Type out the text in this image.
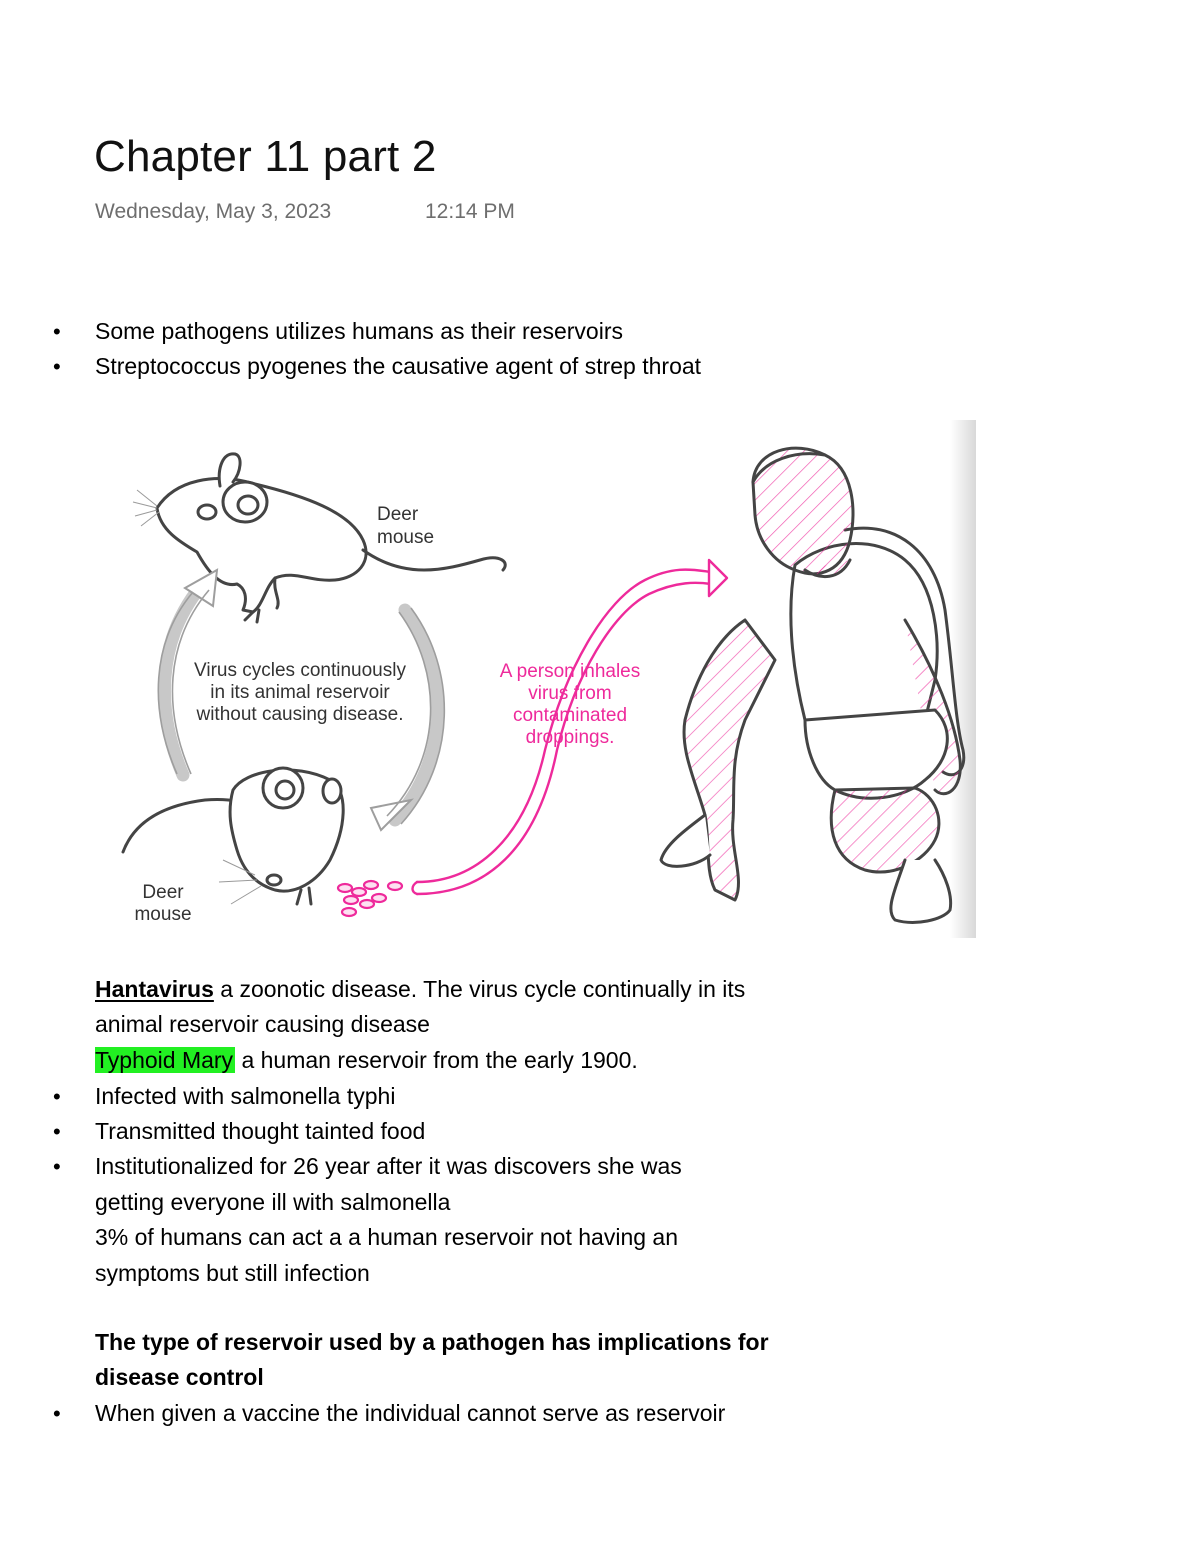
Chapter 11 part 2
Wednesday, May 3, 2023	12:14 PM
• Some pathogens utilizes humans as their reservoirs
• Streptococcus pyogenes the causative agent of strep throat
Deer
mouse
Virus cycles continuously
in its animal reservoir
without causing disease.
Deer
mouse
A person inhales
virus from
contaminated
droppings.
Hantavirus a zoonotic disease. The virus cycle continually in its
animal reservoir causing disease
Typhoid Mary a human reservoir from the early 1900.
• Infected with salmonella typhi
• Transmitted thought tainted food
• Institutionalized for 26 year after it was discovers she was
getting everyone ill with salmonella
3% of humans can act a a human reservoir not having an
symptoms but still infection
The type of reservoir used by a pathogen has implications for
disease control
• When given a vaccine the individual cannot serve as reservoir
